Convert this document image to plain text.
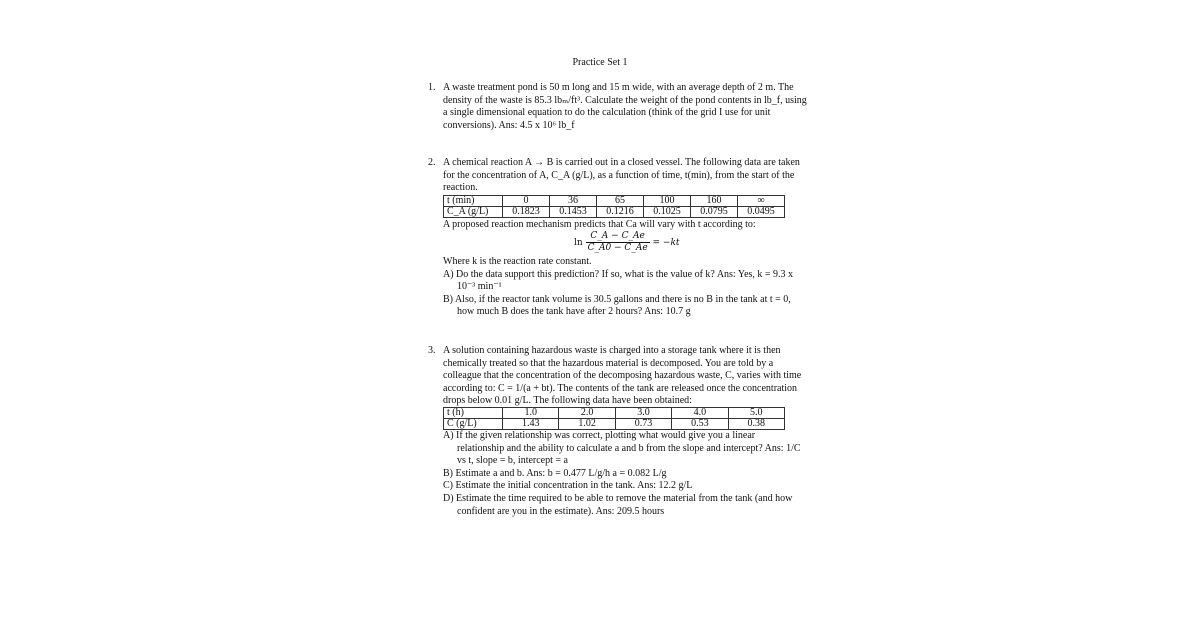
Practice Set 1
1. A waste treatment pond is 50 m long and 15 m wide, with an average depth of 2 m. The
density of the waste is 85.3 lbₘ/ft³. Calculate the weight of the pond contents in lb_f, using
a single dimensional equation to do the calculation (think of the grid I use for unit
conversions). Ans: 4.5 x 10⁶ lb_f
2. A chemical reaction A → B is carried out in a closed vessel. The following data are taken
for the concentration of A, C_A (g/L), as a function of time, t(min), from the start of the
reaction.
t (min)	0	36	65	100	160	∞
C_A (g/L)	0.1823	0.1453	0.1216	0.1025	0.0795	0.0495
A proposed reaction mechanism predicts that Ca will vary with t according to:
$\ln \frac{C\_A - C\_Ae}{C\_A0 - C\_Ae} = -kt$
Where k is the reaction rate constant.
A) Do the data support this prediction? If so, what is the value of k? Ans: Yes, k = 9.3 x
10⁻³ min⁻¹
B) Also, if the reactor tank volume is 30.5 gallons and there is no B in the tank at t = 0,
how much B does the tank have after 2 hours? Ans: 10.7 g
3. A solution containing hazardous waste is charged into a storage tank where it is then
chemically treated so that the hazardous material is decomposed. You are told by a
colleague that the concentration of the decomposing hazardous waste, C, varies with time
according to: C = 1/(a + bt). The contents of the tank are released once the concentration
drops below 0.01 g/L. The following data have been obtained:
t (h)	1.0	2.0	3.0	4.0	5.0
C (g/L)	1.43	1.02	0.73	0.53	0.38
A) If the given relationship was correct, plotting what would give you a linear
relationship and the ability to calculate a and b from the slope and intercept? Ans: 1/C
vs t, slope = b, intercept = a
B) Estimate a and b. Ans: b = 0.477 L/g/h a = 0.082 L/g
C) Estimate the initial concentration in the tank. Ans: 12.2 g/L
D) Estimate the time required to be able to remove the material from the tank (and how
confident are you in the estimate). Ans: 209.5 hours
